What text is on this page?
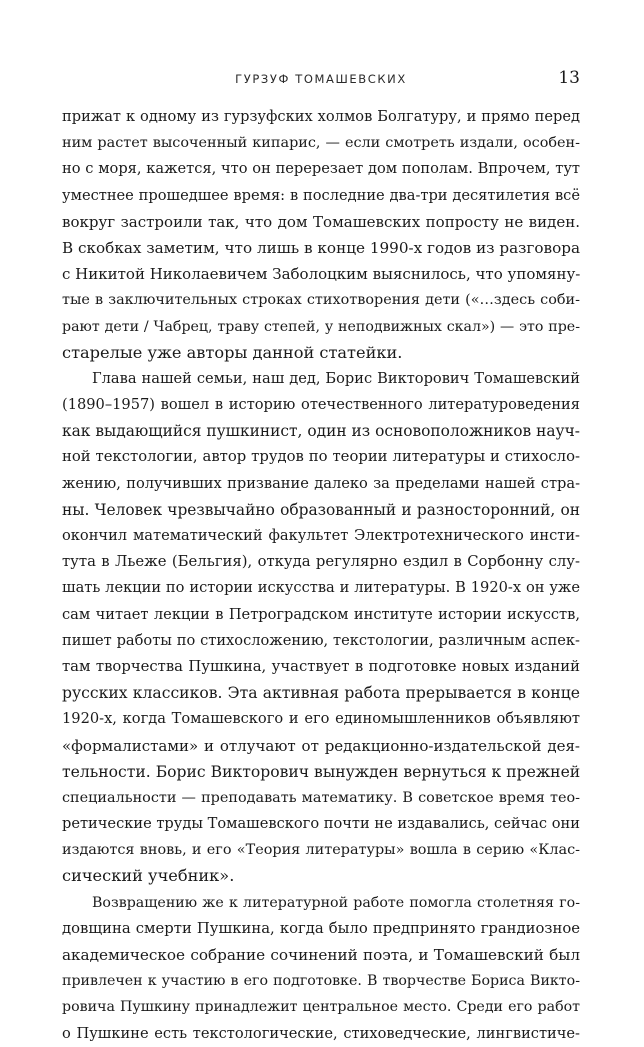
ГУРЗУФ ТОМАШЕВСКИХ	13
прижат к одному из гурзуфских холмов Болгатуру, и прямо перед
ним растет высоченный кипарис, — если смотреть издали, особен-
но с моря, кажется, что он перерезает дом пополам. Впрочем, тут
уместнее прошедшее время: в последние два-три десятилетия всё
вокруг застроили так, что дом Томашевских попросту не виден.
В скобках заметим, что лишь в конце 1990-х годов из разговора
с Никитой Николаевичем Заболоцким выяснилось, что упомяну-
тые в заключительных строках стихотворения дети («…здесь соби-
рают дети / Чабрец, траву степей, у неподвижных скал») — это пре-
старелые уже авторы данной статейки.
Глава нашей семьи, наш дед, Борис Викторович Томашевский
(1890–1957) вошел в историю отечественного литературоведения
как выдающийся пушкинист, один из основоположников науч-
ной текстологии, автор трудов по теории литературы и стихосло-
жению, получивших призвание далеко за пределами нашей стра-
ны. Человек чрезвычайно образованный и разносторонний, он
окончил математический факультет Электротехнического инсти-
тута в Льеже (Бельгия), откуда регулярно ездил в Сорбонну слу-
шать лекции по истории искусства и литературы. В 1920-х он уже
сам читает лекции в Петроградском институте истории искусств,
пишет работы по стихосложению, текстологии, различным аспек-
там творчества Пушкина, участвует в подготовке новых изданий
русских классиков. Эта активная работа прерывается в конце
1920-х, когда Томашевского и его единомышленников объявляют
«формалистами» и отлучают от редакционно-издательской дея-
тельности. Борис Викторович вынужден вернуться к прежней
специальности — преподавать математику. В советское время тео-
ретические труды Томашевского почти не издавались, сейчас они
издаются вновь, и его «Теория литературы» вошла в серию «Клас-
сический учебник».
Возвращению же к литературной работе помогла столетняя го-
довщина смерти Пушкина, когда было предпринято грандиозное
академическое собрание сочинений поэта, и Томашевский был
привлечен к участию в его подготовке. В творчестве Бориса Викто-
ровича Пушкину принадлежит центральное место. Среди его работ
о Пушкине есть текстологические, стиховедческие, лингвистиче-
